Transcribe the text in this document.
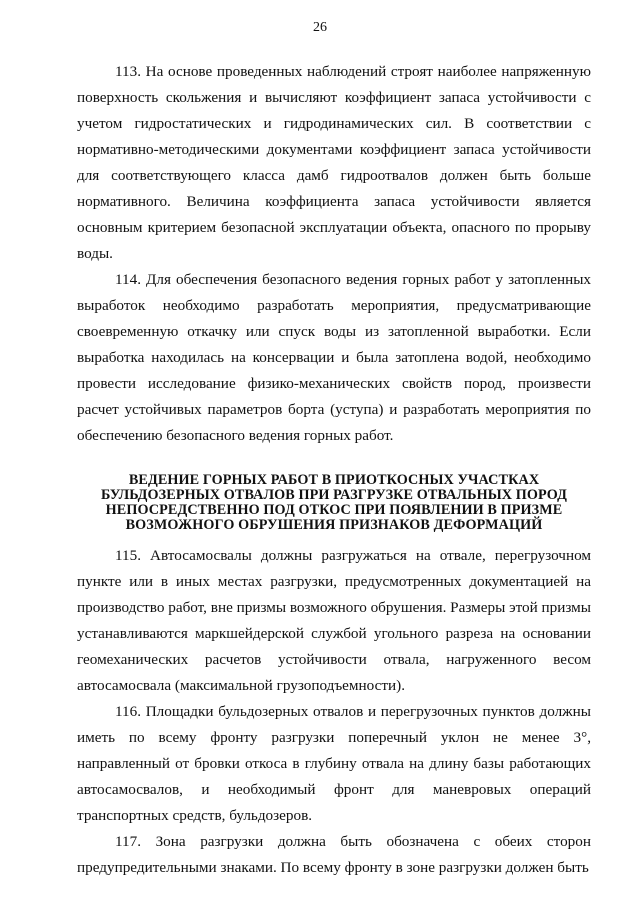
26

113. На основе проведенных наблюдений строят наиболее напряженную поверхность скольжения и вычисляют коэффициент запаса устойчивости с учетом гидростатических и гидродинамических сил. В соответствии с нормативно-методическими документами коэффициент запаса устойчивости для соответствующего класса дамб гидроотвалов должен быть больше нормативного. Величина коэффициента запаса устойчивости является основным критерием безопасной эксплуатации объекта, опасного по прорыву воды.

114. Для обеспечения безопасного ведения горных работ у затопленных выработок необходимо разработать мероприятия, предусматривающие своевременную откачку или спуск воды из затопленной выработки. Если выработка находилась на консервации и была затоплена водой, необходимо провести исследование физико-механических свойств пород, произвести расчет устойчивых параметров борта (уступа) и разработать мероприятия по обеспечению безопасного ведения горных работ.

ВЕДЕНИЕ ГОРНЫХ РАБОТ В ПРИОТКОСНЫХ УЧАСТКАХ БУЛЬДОЗЕРНЫХ ОТВАЛОВ ПРИ РАЗГРУЗКЕ ОТВАЛЬНЫХ ПОРОД НЕПОСРЕДСТВЕННО ПОД ОТКОС ПРИ ПОЯВЛЕНИИ В ПРИЗМЕ ВОЗМОЖНОГО ОБРУШЕНИЯ ПРИЗНАКОВ ДЕФОРМАЦИЙ

115. Автосамосвалы должны разгружаться на отвале, перегрузочном пункте или в иных местах разгрузки, предусмотренных документацией на производство работ, вне призмы возможного обрушения. Размеры этой призмы устанавливаются маркшейдерской службой угольного разреза на основании геомеханических расчетов устойчивости отвала, нагруженного весом автосамосвала (максимальной грузоподъемности).

116. Площадки бульдозерных отвалов и перегрузочных пунктов должны иметь по всему фронту разгрузки поперечный уклон не менее 3°, направленный от бровки откоса в глубину отвала на длину базы работающих автосамосвалов, и необходимый фронт для маневровых операций транспортных средств, бульдозеров.

117. Зона разгрузки должна быть обозначена с обеих сторон предупредительными знаками. По всему фронту в зоне разгрузки должен быть
